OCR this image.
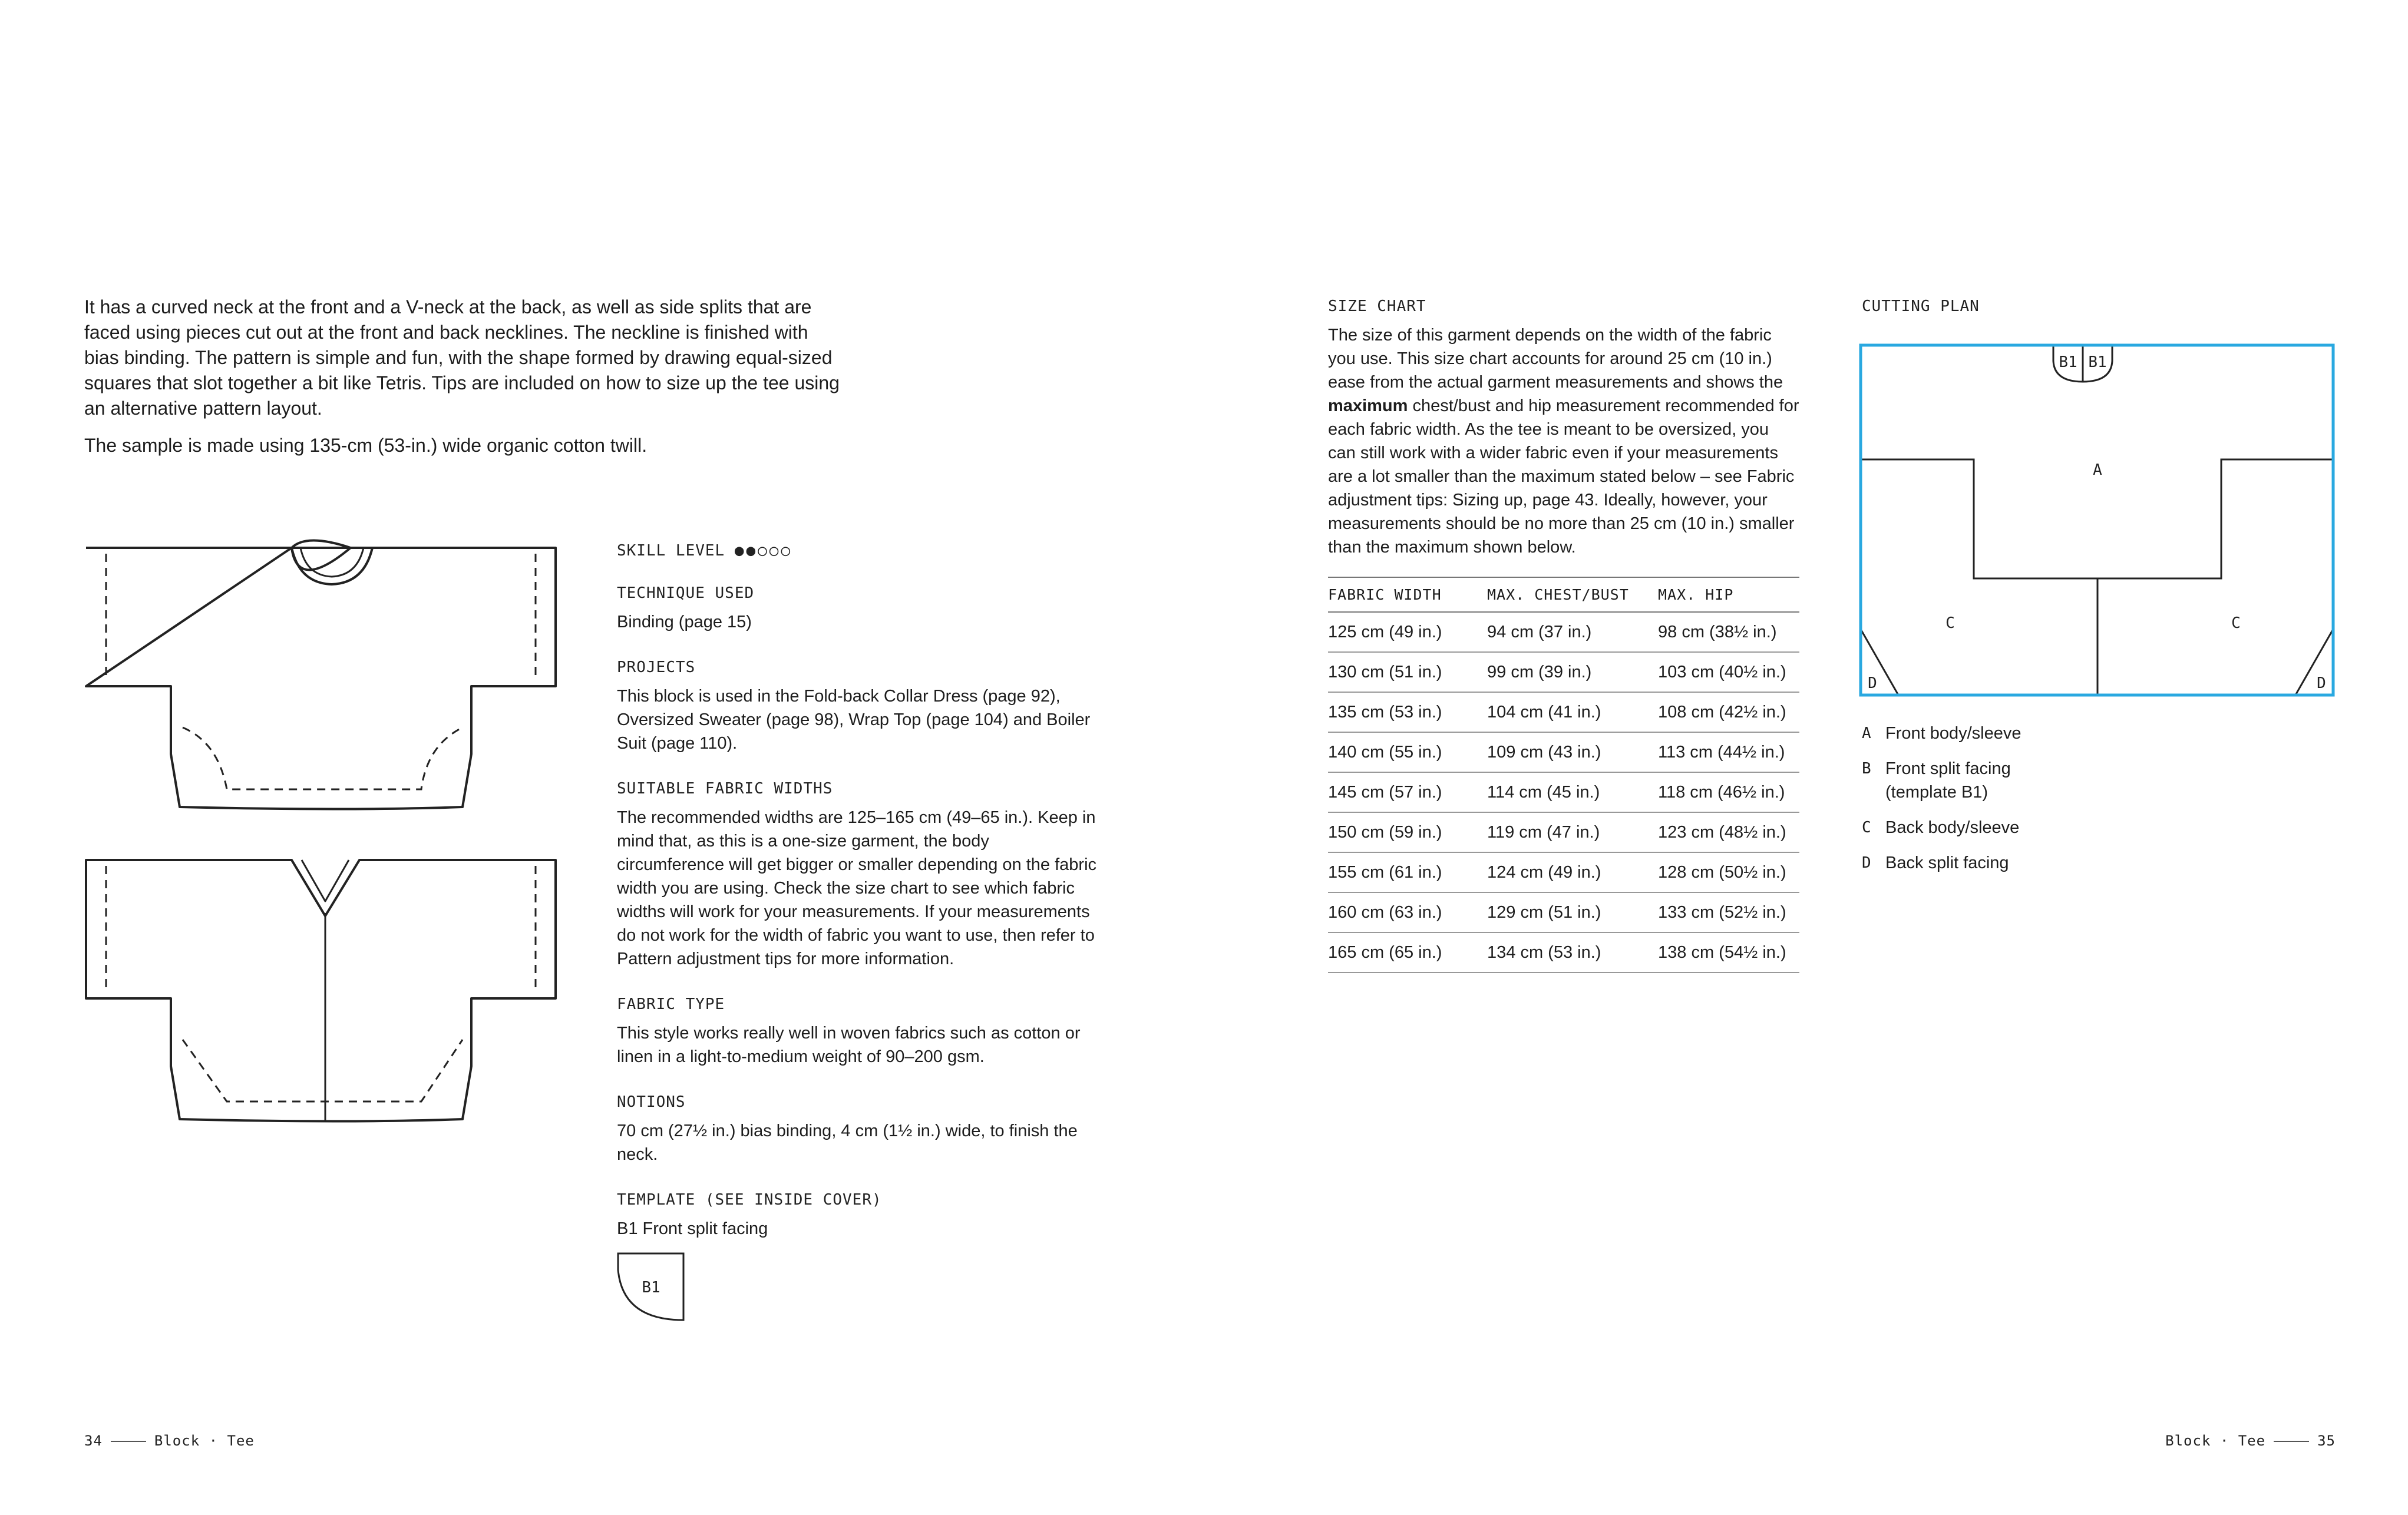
It has a curved neck at the front and a V-neck at the back, as well as side splits that are faced using pieces cut out at the front and back necklines. The neckline is finished with bias binding. The pattern is simple and fun, with the shape formed by drawing equal-sized squares that slot together a bit like Tetris. Tips are included on how to size up the tee using an alternative pattern layout.

The sample is made using 135-cm (53-in.) wide organic cotton twill.

SKILL LEVEL ●●○○○
TECHNIQUE USED
Binding (page 15)
PROJECTS
This block is used in the Fold-back Collar Dress (page 92), Oversized Sweater (page 98), Wrap Top (page 104) and Boiler Suit (page 110).
SUITABLE FABRIC WIDTHS
The recommended widths are 125–165 cm (49–65 in.). Keep in mind that, as this is a one-size garment, the body circumference will get bigger or smaller depending on the fabric width you are using. Check the size chart to see which fabric widths will work for your measurements. If your measurements do not work for the width of fabric you want to use, then refer to Pattern adjustment tips for more information.
FABRIC TYPE
This style works really well in woven fabrics such as cotton or linen in a light-to-medium weight of 90–200 gsm.
NOTIONS
70 cm (27½ in.) bias binding, 4 cm (1½ in.) wide, to finish the neck.
TEMPLATE (SEE INSIDE COVER)
B1 Front split facing
B1
SIZE CHART
The size of this garment depends on the width of the fabric you use. This size chart accounts for around 25 cm (10 in.) ease from the actual garment measurements and shows the maximum chest/bust and hip measurement recommended for each fabric width. As the tee is meant to be oversized, you can still work with a wider fabric even if your measurements are a lot smaller than the maximum stated below – see Fabric adjustment tips: Sizing up, page 43. Ideally, however, your measurements should be no more than 25 cm (10 in.) smaller than the maximum shown below.
FABRIC WIDTH	MAX. CHEST/BUST	MAX. HIP
125 cm (49 in.)	94 cm (37 in.)	98 cm (38½ in.)
130 cm (51 in.)	99 cm (39 in.)	103 cm (40½ in.)
135 cm (53 in.)	104 cm (41 in.)	108 cm (42½ in.)
140 cm (55 in.)	109 cm (43 in.)	113 cm (44½ in.)
145 cm (57 in.)	114 cm (45 in.)	118 cm (46½ in.)
150 cm (59 in.)	119 cm (47 in.)	123 cm (48½ in.)
155 cm (61 in.)	124 cm (49 in.)	128 cm (50½ in.)
160 cm (63 in.)	129 cm (51 in.)	133 cm (52½ in.)
165 cm (65 in.)	134 cm (53 in.)	138 cm (54½ in.)
CUTTING PLAN
B1 B1
A
C	C
D	D
A Front body/sleeve
B Front split facing (template B1)
C Back body/sleeve
D Back split facing
34	Block · Tee	Block · Tee	35
